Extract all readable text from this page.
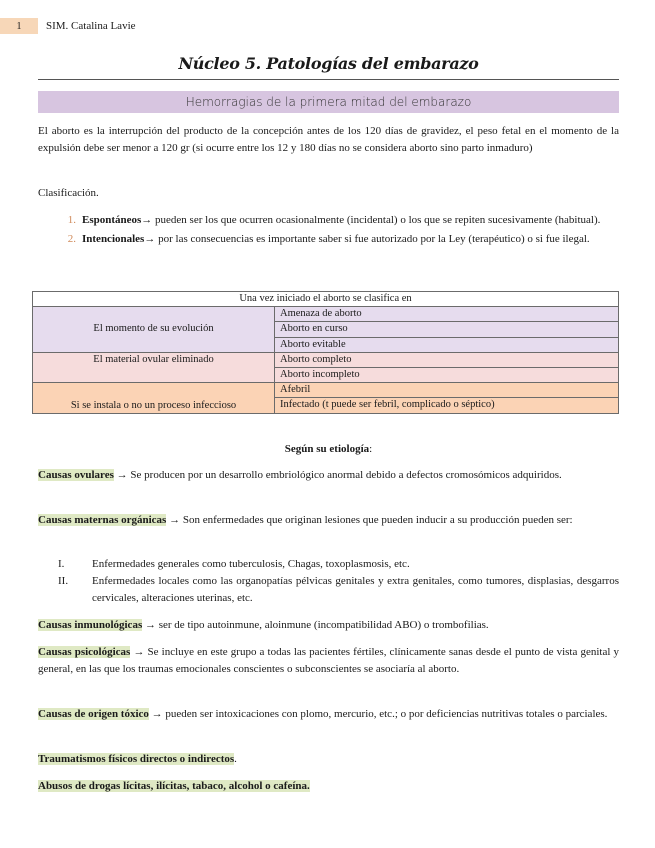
1	SIM. Catalina Lavie
Núcleo 5. Patologías del embarazo
Hemorragias de la primera mitad del embarazo
El aborto es la interrupción del producto de la concepción antes de los 120 días de gravidez, el peso fetal en el momento de la expulsión debe ser menor a 120 gr (si ocurre entre los 12 y 180 días no se considera aborto sino parto inmaduro)
Clasificación.
1. Espontáneos→ pueden ser los que ocurren ocasionalmente (incidental) o los que se repiten sucesivamente (habitual).
2. Intencionales→ por las consecuencias es importante saber si fue autorizado por la Ley (terapéutico) o si fue ilegal.
Una vez iniciado el aborto se clasifica en	
El momento de su evolución	Amenaza de aborto
	Aborto en curso
	Aborto evitable
El material ovular eliminado	Aborto completo
	Aborto incompleto
Si se instala o no un proceso infeccioso	Afebril
	Infectado (t puede ser febril, complicado o séptico)
Según su etiología:
Causas ovulares → Se producen por un desarrollo embriológico anormal debido a defectos cromosómicos adquiridos.
Causas maternas orgánicas → Son enfermedades que originan lesiones que pueden inducir a su producción pueden ser:
I.	Enfermedades generales como tuberculosis, Chagas, toxoplasmosis, etc.
II.	Enfermedades locales como las organopatías pélvicas genitales y extra genitales, como tumores, displasias, desgarros cervicales, alteraciones uterinas, etc.
Causas inmunológicas → ser de tipo autoinmune, aloinmune (incompatibilidad ABO) o trombofilias.
Causas psicológicas → Se incluye en este grupo a todas las pacientes fértiles, clínicamente sanas desde el punto de vista genital y general, en las que los traumas emocionales conscientes o subconscientes se asociaría al aborto.
Causas de origen tóxico → pueden ser intoxicaciones con plomo, mercurio, etc.; o por deficiencias nutritivas totales o parciales.
Traumatismos físicos directos o indirectos.
Abusos de drogas lícitas, ilícitas, tabaco, alcohol o cafeína.
